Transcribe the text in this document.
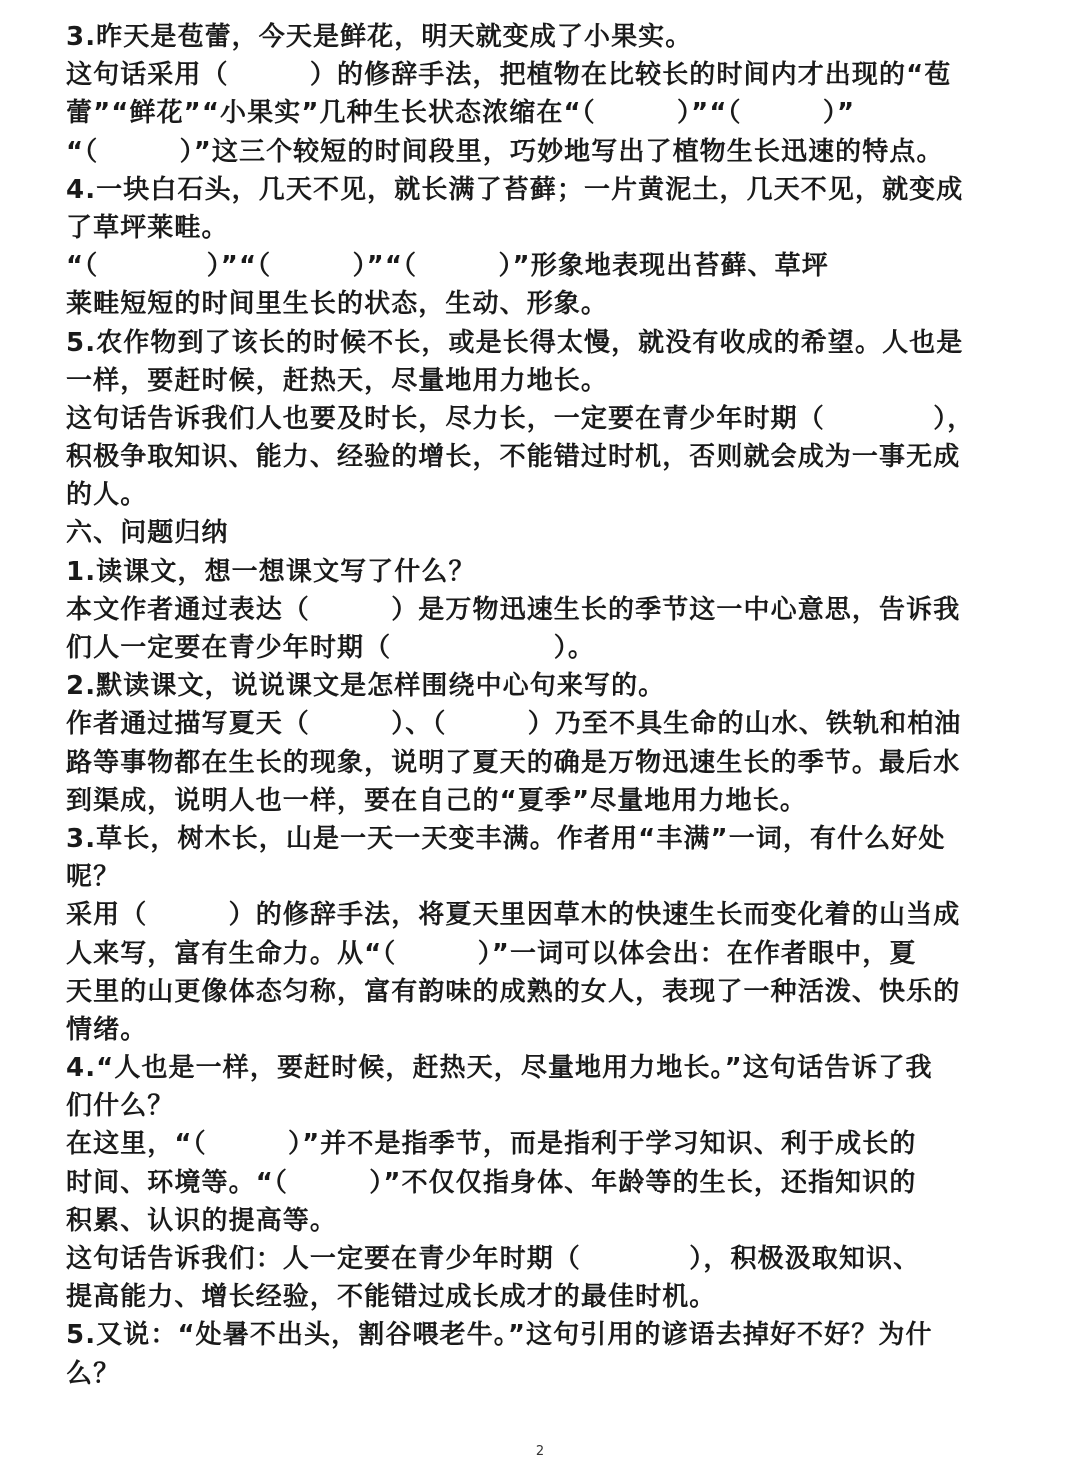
3.昨天是苞蕾，今天是鲜花，明天就变成了小果实。
这句话采用（　　　）的修辞手法，把植物在比较长的时间内才出现的“苞
蕾”“鲜花”“小果实”几种生长状态浓缩在“（　　　）”“（　　　）”
“（　　　）”这三个较短的时间段里，巧妙地写出了植物生长迅速的特点。
4.一块白石头，几天不见，就长满了苔藓；一片黄泥土，几天不见，就变成
了草坪莱畦。
“（　　　　）”“（　　　）”“（　　　）”形象地表现出苔藓、草坪
莱畦短短的时间里生长的状态，生动、形象。
5.农作物到了该长的时候不长，或是长得太慢，就没有收成的希望。人也是
一样，要赶时候，赶热天，尽量地用力地长。
这句话告诉我们人也要及时长，尽力长，一定要在青少年时期（　　　　），
积极争取知识、能力、经验的增长，不能错过时机，否则就会成为一事无成
的人。
六、问题归纳
1.读课文，想一想课文写了什么？
本文作者通过表达（　　　）是万物迅速生长的季节这一中心意思，告诉我
们人一定要在青少年时期（　　　　　　）。
2.默读课文，说说课文是怎样围绕中心句来写的。
作者通过描写夏天（　　　）、（　　　）乃至不具生命的山水、铁轨和柏油
路等事物都在生长的现象，说明了夏天的确是万物迅速生长的季节。最后水
到渠成，说明人也一样，要在自己的“夏季”尽量地用力地长。
3.草长，树木长，山是一天一天变丰满。作者用“丰满”一词，有什么好处
呢？
采用（　　　）的修辞手法，将夏天里因草木的快速生长而变化着的山当成
人来写，富有生命力。从“（　　　）”一词可以体会出：在作者眼中，夏
天里的山更像体态匀称，富有韵味的成熟的女人，表现了一种活泼、快乐的
情绪。
4.“人也是一样，要赶时候，赶热天，尽量地用力地长。”这句话告诉了我
们什么？
在这里，“（　　　）”并不是指季节，而是指利于学习知识、利于成长的
时间、环境等。“（　　　）”不仅仅指身体、年龄等的生长，还指知识的
积累、认识的提高等。
这句话告诉我们：人一定要在青少年时期（　　　　），积极汲取知识、
提高能力、增长经验，不能错过成长成才的最佳时机。
5.又说：“处暑不出头，割谷喂老牛。”这句引用的谚语去掉好不好？为什
么？
2
